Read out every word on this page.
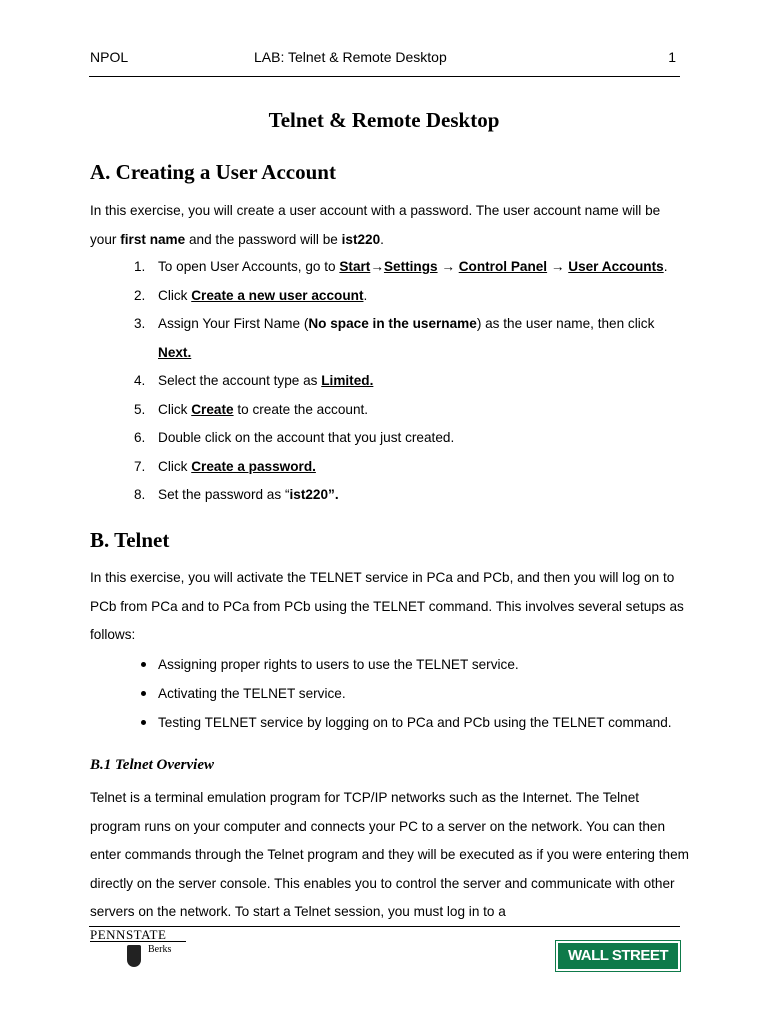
NPOL	LAB: Telnet & Remote Desktop	1
Telnet & Remote Desktop
A. Creating a User Account
In this exercise, you will create a user account with a password. The user account name will be your first name and the password will be ist220.
1. To open User Accounts, go to Start→Settings → Control Panel → User Accounts.
2. Click Create a new user account.
3. Assign Your First Name (No space in the username) as the user name, then click Next.
4. Select the account type as Limited.
5. Click Create to create the account.
6. Double click on the account that you just created.
7. Click Create a password.
8. Set the password as “ist220”.
B. Telnet
In this exercise, you will activate the TELNET service in PCa and PCb, and then you will log on to PCb from PCa and to PCa from PCb using the TELNET command. This involves several setups as follows:
Assigning proper rights to users to use the TELNET service.
Activating the TELNET service.
Testing TELNET service by logging on to PCa and PCb using the TELNET command.
B.1 Telnet Overview
Telnet is a terminal emulation program for TCP/IP networks such as the Internet. The Telnet program runs on your computer and connects your PC to a server on the network. You can then enter commands through the Telnet program and they will be executed as if you were entering them directly on the server console. This enables you to control the server and communicate with other servers on the network. To start a Telnet session, you must log in to a
PENNSTATE
Berks	WALL STREET WEST
